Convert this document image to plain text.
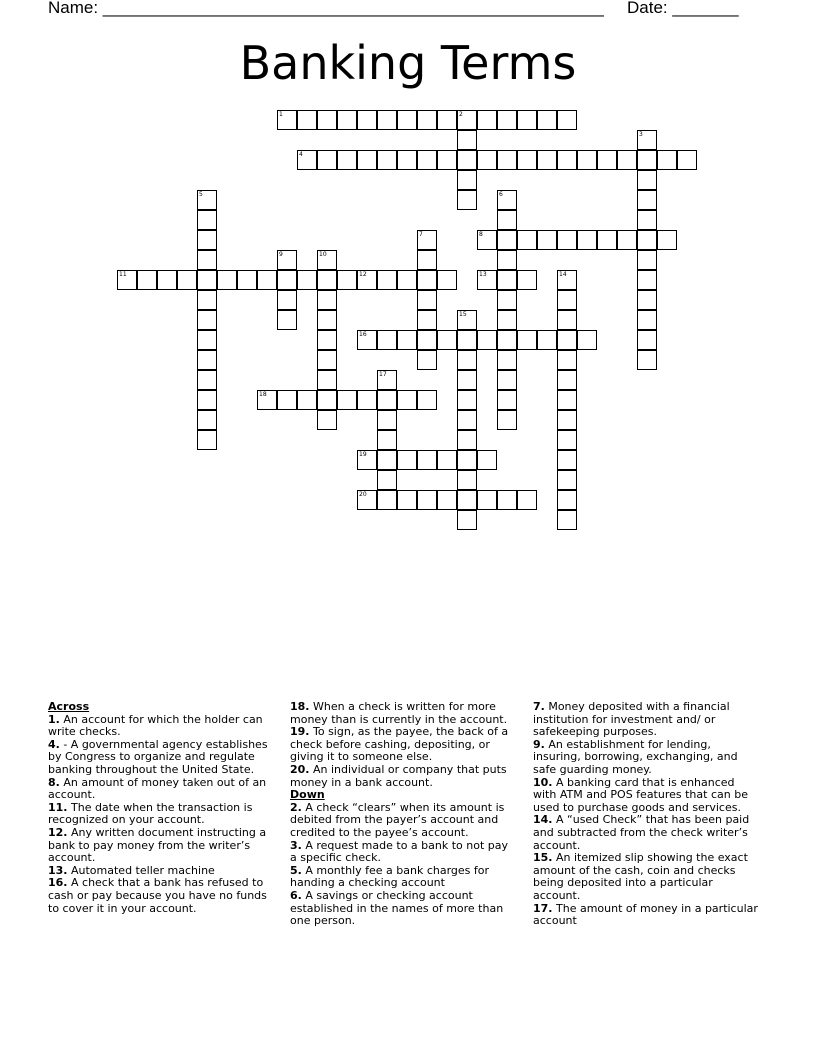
Name: _____________________________________________________ Date: _______
Banking Terms
1	2
3
4
5	6
7	8
9	10
11	12	13	14
15
16
17
18
19
20
Across
1. An account for which the holder can write checks.
4. - A governmental agency establishes by Congress to organize and regulate banking throughout the United State.
8. An amount of money taken out of an account.
11. The date when the transaction is recognized on your account.
12. Any written document instructing a bank to pay money from the writer’s account.
13. Automated teller machine
16. A check that a bank has refused to cash or pay because you have no funds to cover it in your account.
18. When a check is written for more money than is currently in the account.
19. To sign, as the payee, the back of a check before cashing, depositing, or giving it to someone else.
20. An individual or company that puts money in a bank account.
Down
2. A check “clears” when its amount is debited from the payer’s account and credited to the payee’s account.
3. A request made to a bank to not pay a specific check.
5. A monthly fee a bank charges for handing a checking account
6. A savings or checking account established in the names of more than one person.
7. Money deposited with a financial institution for investment and/ or safekeeping purposes.
9. An establishment for lending, insuring, borrowing, exchanging, and safe guarding money.
10. A banking card that is enhanced with ATM and POS features that can be used to purchase goods and services.
14. A “used Check” that has been paid and subtracted from the check writer’s account.
15. An itemized slip showing the exact amount of the cash, coin and checks being deposited into a particular account.
17. The amount of money in a particular account
